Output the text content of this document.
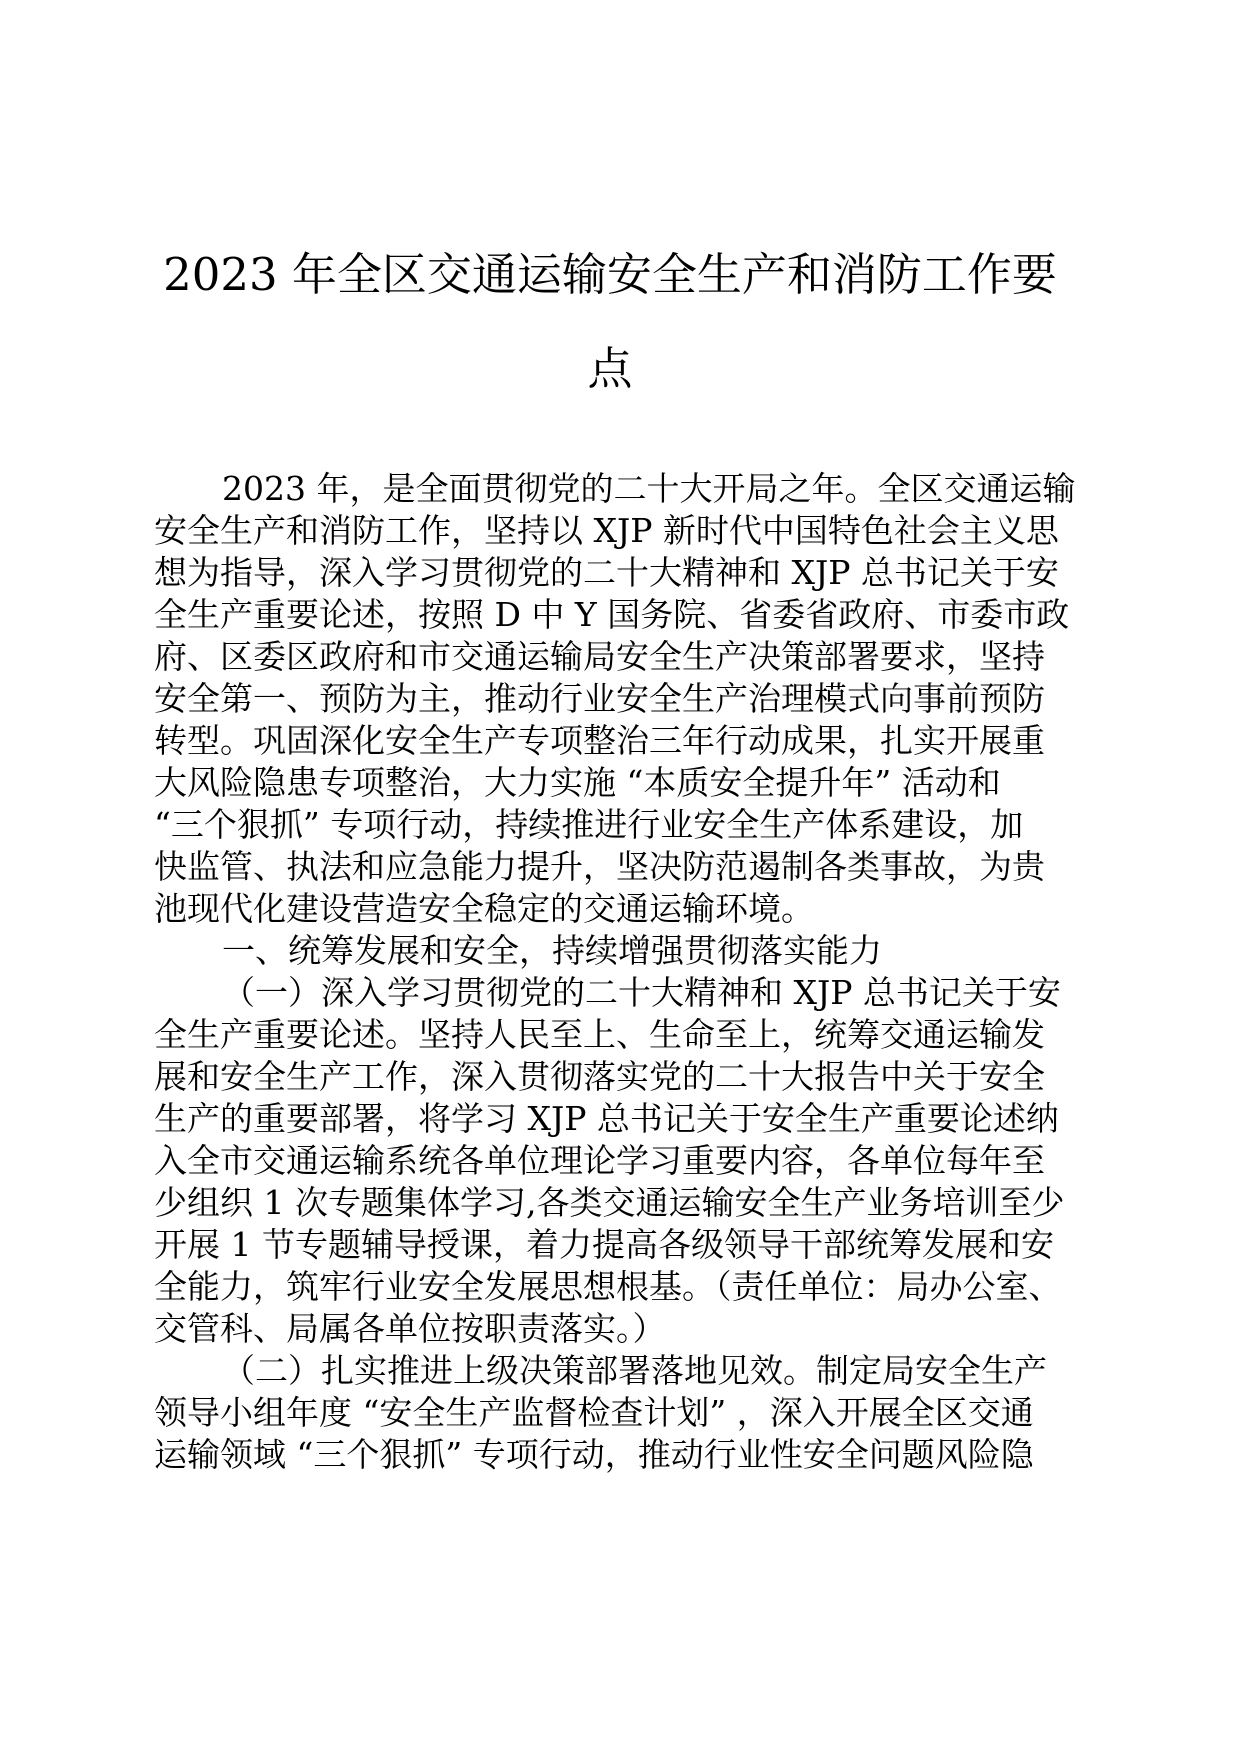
2023 年全区交通运输安全生产和消防工作要
点
2023 年，是全面贯彻党的二十大开局之年。全区交通运输
安全生产和消防工作，坚持以 XJP 新时代中国特色社会主义思
想为指导，深入学习贯彻党的二十大精神和 XJP 总书记关于安
全生产重要论述，按照 D 中 Y 国务院、省委省政府、市委市政
府、区委区政府和市交通运输局安全生产决策部署要求，坚持
安全第一、预防为主，推动行业安全生产治理模式向事前预防
转型。巩固深化安全生产专项整治三年行动成果，扎实开展重
大风险隐患专项整治，大力实施 “本质安全提升年” 活动和
“三个狠抓” 专项行动，持续推进行业安全生产体系建设，加
快监管、执法和应急能力提升，坚决防范遏制各类事故，为贵
池现代化建设营造安全稳定的交通运输环境。
一、统筹发展和安全，持续增强贯彻落实能力
（一）深入学习贯彻党的二十大精神和 XJP 总书记关于安
全生产重要论述。坚持人民至上、生命至上，统筹交通运输发
展和安全生产工作，深入贯彻落实党的二十大报告中关于安全
生产的重要部署，将学习 XJP 总书记关于安全生产重要论述纳
入全市交通运输系统各单位理论学习重要内容，各单位每年至
少组织 1 次专题集体学习,各类交通运输安全生产业务培训至少
开展 1 节专题辅导授课，着力提高各级领导干部统筹发展和安
全能力，筑牢行业安全发展思想根基。（责任单位：局办公室、
交管科、局属各单位按职责落实。）
（二）扎实推进上级决策部署落地见效。制定局安全生产
领导小组年度 “安全生产监督检查计划” ，深入开展全区交通
运输领域 “三个狠抓” 专项行动，推动行业性安全问题风险隐
